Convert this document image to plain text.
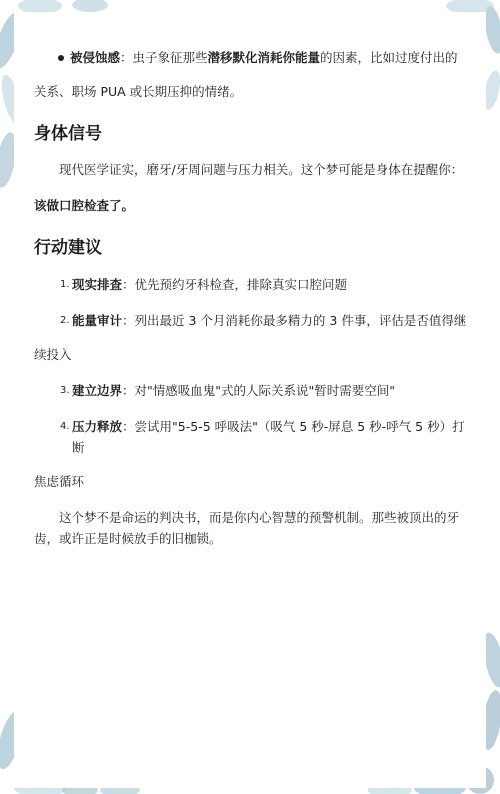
被侵蚀感：虫子象征那些潜移默化消耗你能量的因素，比如过度付出的

关系、职场 PUA 或长期压抑的情绪。

身体信号

现代医学证实，磨牙/牙周问题与压力相关。这个梦可能是身体在提醒你：

该做口腔检查了。

行动建议
1. 现实排查：优先预约牙科检查，排除真实口腔问题
2. 能量审计：列出最近 3 个月消耗你最多精力的 3 件事，评估是否值得继

续投入

3. 建立边界：对"情感吸血鬼"式的人际关系说"暂时需要空间"
4. 压力释放：尝试用"5-5-5 呼吸法"（吸气 5 秒-屏息 5 秒-呼气 5 秒）打断

焦虑循环

这个梦不是命运的判决书，而是你内心智慧的预警机制。那些被顶出的牙齿，或许正是时候放手的旧枷锁。
